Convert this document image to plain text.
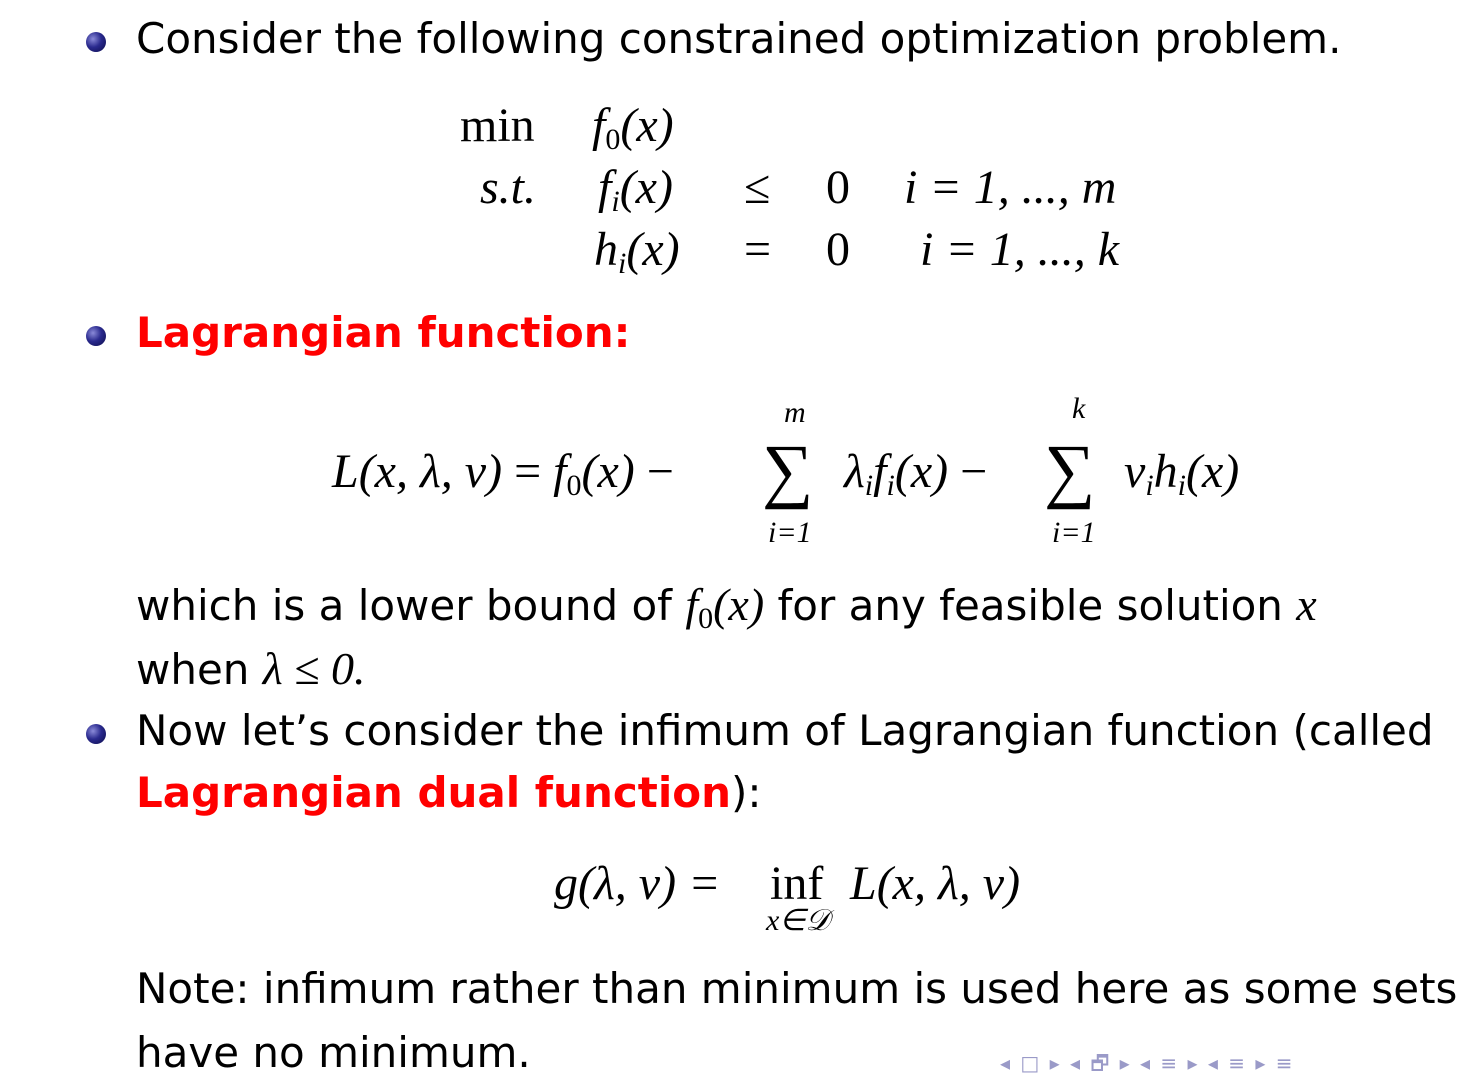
Consider the following constrained optimization problem.
$\min f_0(x)$
s.t. $f_i(x) \le 0$ i = 1, ..., m
$h_i(x) = 0$ i = 1, ..., k
Lagrangian function:
L(x, λ, $\nu) = f_0(x)$ −
m
∑
i=1
$\lambda_if_i(x)$ −
k
∑
i=1
$\nu_ih_i(x)$
which is a lower bound of $f_0(x)$ for any feasible solution x
when λ ≤ 0.
Now let’s consider the infimum of Lagrangian function (called
Lagrangian dual function):
g(λ, ν) = inf
x∈𝒟
L(x, λ, ν)
Note: infimum rather than minimum is used here as some sets
have no minimum.	◂ □ ▸ ◂ 🗗 ▸ ◂ ≡ ▸ ◂ ≡ ▸ ≡
